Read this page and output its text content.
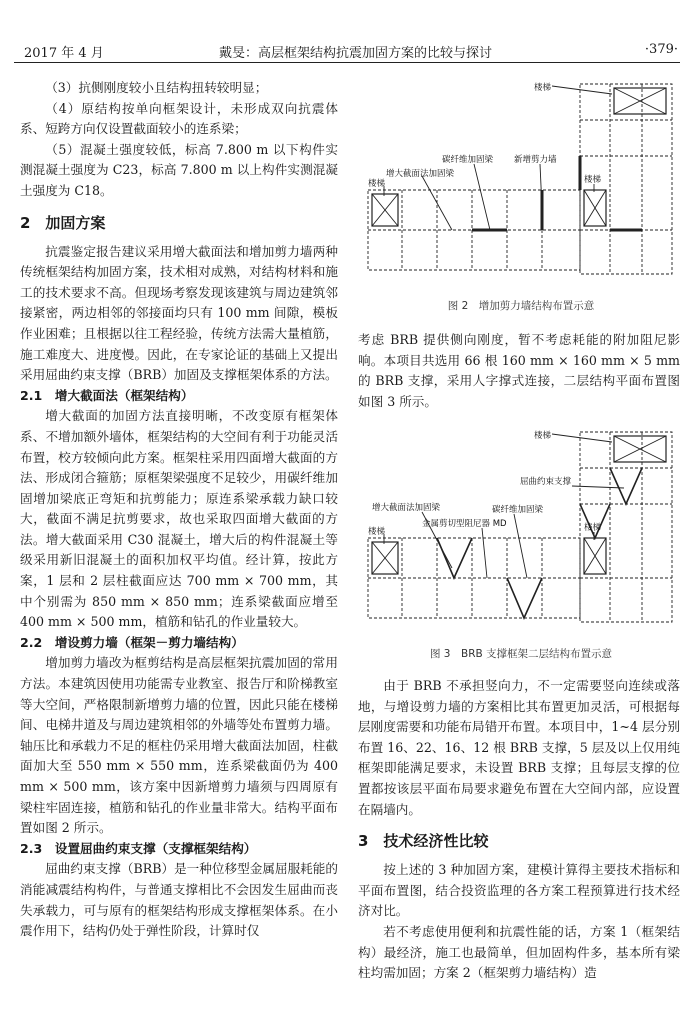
2017 年 4 月	戴旻：高层框架结构抗震加固方案的比较与探讨	·379·

（3）抗侧刚度较小且结构扭转较明显；

（4）原结构按单向框架设计，未形成双向抗震体系、短跨方向仅设置截面较小的连系梁；

（5）混凝土强度较低，标高 7.800 m 以下构件实测混凝土强度为 C23，标高 7.800 m 以上构件实测混凝土强度为 C18。

2　加固方案

抗震鉴定报告建议采用增大截面法和增加剪力墙两种传统框架结构加固方案，技术相对成熟，对结构材料和施工的技术要求不高。但现场考察发现该建筑与周边建筑邻接紧密，两边相邻的邻接面均只有 100 mm 间隙，模板作业困难；且根据以往工程经验，传统方法需大量植筋，施工难度大、进度慢。因此，在专家论证的基础上又提出采用屈曲约束支撑（BRB）加固及支撑框架体系的方法。

2.1　增大截面法（框架结构）

增大截面的加固方法直接明晰，不改变原有框架体系、不增加额外墙体，框架结构的大空间有利于功能灵活布置，校方较倾向此方案。框架柱采用四面增大截面的方法、形成闭合箍筋；原框架梁强度不足较少，用碳纤维加固增加梁底正弯矩和抗剪能力；原连系梁承载力缺口较大，截面不满足抗剪要求，故也采取四面增大截面的方法。增大截面采用 C30 混凝土，增大后的构件混凝土等级采用新旧混凝土的面积加权平均值。经计算，按此方案，1 层和 2 层柱截面应达 700 mm × 700 mm，其中个别需为 850 mm × 850 mm；连系梁截面应增至 400 mm × 500 mm，植筋和钻孔的作业量较大。

2.2　增设剪力墙（框架－剪力墙结构）

增加剪力墙改为框剪结构是高层框架抗震加固的常用方法。本建筑因使用功能需专业教室、报告厅和阶梯教室等大空间，严格限制新增剪力墙的位置，因此只能在楼梯间、电梯井道及与周边建筑相邻的外墙等处布置剪力墙。轴压比和承载力不足的框柱仍采用增大截面法加固，柱截面加大至 550 mm × 550 mm，连系梁截面仍为 400 mm × 500 mm，该方案中因新增剪力墙须与四周原有梁柱牢固连接，植筋和钻孔的作业量非常大。结构平面布置如图 2 所示。

2.3　设置屈曲约束支撑（支撑框架结构）

屈曲约束支撑（BRB）是一种位移型金属屈服耗能的消能减震结构构件，与普通支撑相比不会因发生屈曲而丧失承载力，可与原有的框架结构形成支撑框架体系。在小震作用下，结构仍处于弹性阶段，计算时仅

楼梯
碳纤维加固梁 新增剪力墙
增大截面法加固梁
楼梯	楼梯
图 2　增加剪力墙结构布置示意

考虑 BRB 提供侧向刚度，暂不考虑耗能的附加阻尼影响。本项目共选用 66 根 160 mm × 160 mm × 5 mm 的 BRB 支撑，采用人字撑式连接，二层结构平面布置图如图 3 所示。

楼梯
屈曲约束支撑
增大截面法加固梁	碳纤维加固梁
金属剪切型阻尼器 MD
楼梯	楼梯
图 3　BRB 支撑框架二层结构布置示意

由于 BRB 不承担竖向力，不一定需要竖向连续或落地，与增设剪力墙的方案相比其布置更加灵活，可根据每层刚度需要和功能布局错开布置。本项目中，1~4 层分别布置 16、22、16、12 根 BRB 支撑，5 层及以上仅用纯框架即能满足要求，未设置 BRB 支撑；且每层支撑的位置都按该层平面布局要求避免布置在大空间内部，应设置在隔墙内。

3　技术经济性比较

按上述的 3 种加固方案，建模计算得主要技术指标和平面布置图，结合投资监理的各方案工程预算进行技术经济对比。

若不考虑使用便利和抗震性能的话，方案 1（框架结构）最经济，施工也最简单，但加固构件多，基本所有梁柱均需加固；方案 2（框架剪力墙结构）造
